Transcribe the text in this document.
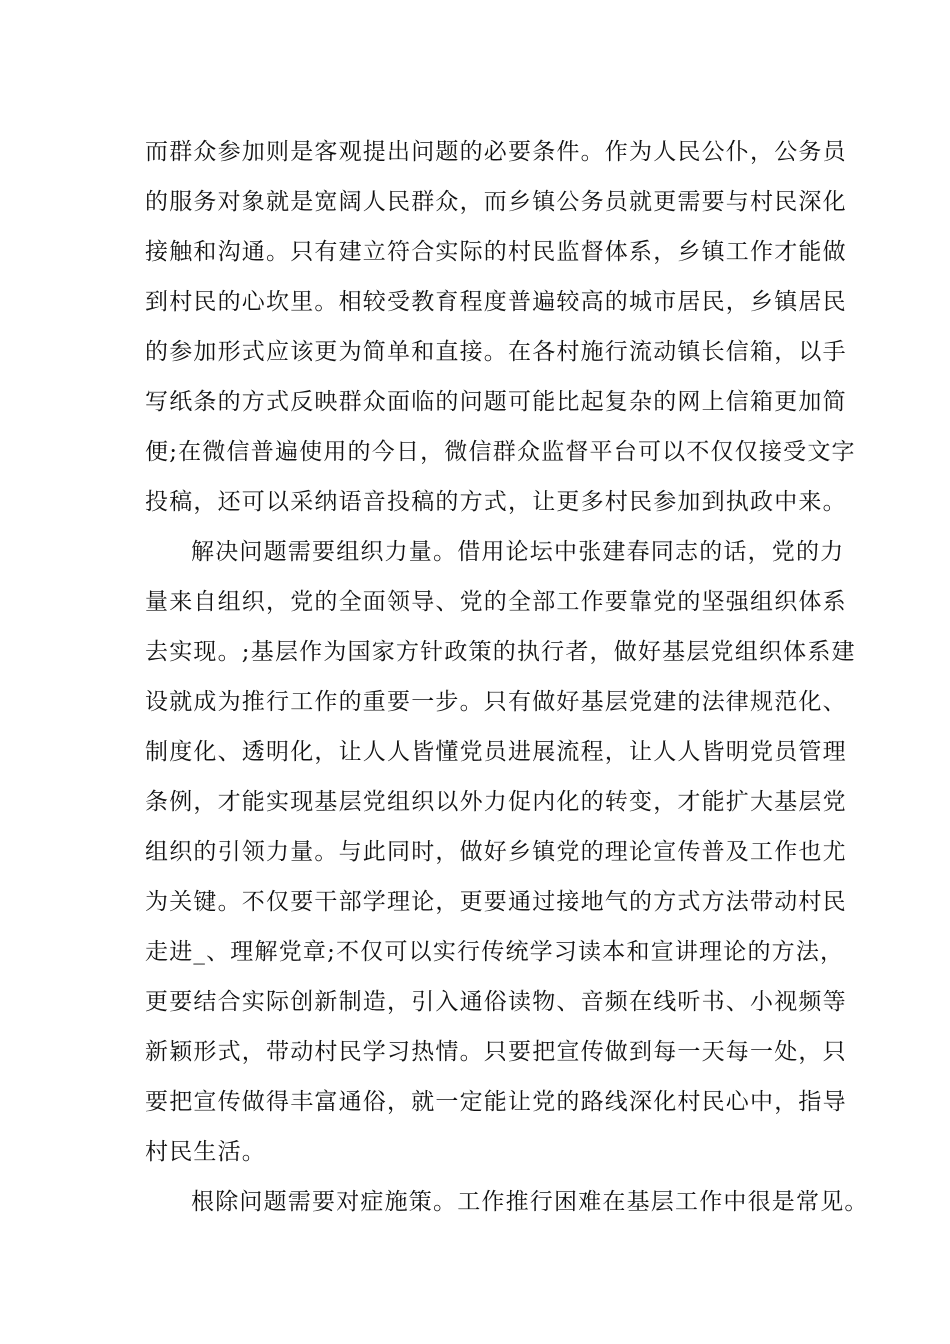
而群众参加则是客观提出问题的必要条件。作为人民公仆，公务员
的服务对象就是宽阔人民群众，而乡镇公务员就更需要与村民深化
接触和沟通。只有建立符合实际的村民监督体系，乡镇工作才能做
到村民的心坎里。相较受教育程度普遍较高的城市居民，乡镇居民
的参加形式应该更为简单和直接。在各村施行流动镇长信箱，以手
写纸条的方式反映群众面临的问题可能比起复杂的网上信箱更加简
便;在微信普遍使用的今日，微信群众监督平台可以不仅仅接受文字
投稿，还可以采纳语音投稿的方式，让更多村民参加到执政中来。

解决问题需要组织力量。借用论坛中张建春同志的话，党的力
量来自组织，党的全面领导、党的全部工作要靠党的坚强组织体系
去实现。;基层作为国家方针政策的执行者，做好基层党组织体系建
设就成为推行工作的重要一步。只有做好基层党建的法律规范化、
制度化、透明化，让人人皆懂党员进展流程，让人人皆明党员管理
条例，才能实现基层党组织以外力促内化的转变，才能扩大基层党
组织的引领力量。与此同时，做好乡镇党的理论宣传普及工作也尤
为关键。不仅要干部学理论，更要通过接地气的方式方法带动村民
走进_、理解党章;不仅可以实行传统学习读本和宣讲理论的方法，
更要结合实际创新制造，引入通俗读物、音频在线听书、小视频等
新颖形式，带动村民学习热情。只要把宣传做到每一天每一处，只
要把宣传做得丰富通俗，就一定能让党的路线深化村民心中，指导
村民生活。

根除问题需要对症施策。工作推行困难在基层工作中很是常见。
